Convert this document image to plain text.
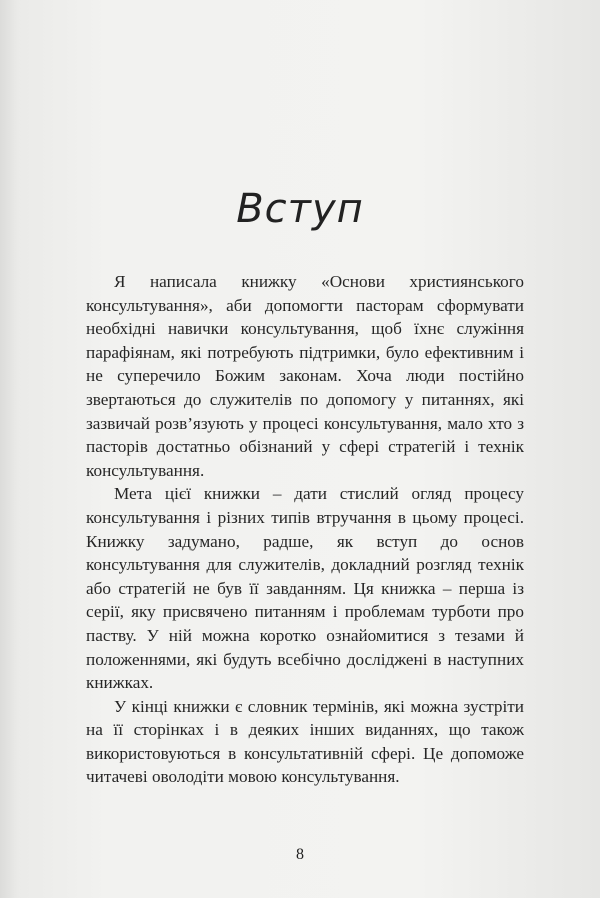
Вступ

Я написала книжку «Основи християнського консультування», аби допомогти пасторам сформувати необхідні навички консультування, щоб їхнє служіння парафіянам, які потребують підтримки, було ефективним і не суперечило Божим законам. Хоча люди постійно звертаються до служителів по допомогу у питаннях, які зазвичай розв’язують у процесі консультування, мало хто з пасторів достатньо обізнаний у сфері стратегій і технік консультування.

Мета цієї книжки – дати стислий огляд процесу консультування і різних типів втручання в цьому процесі. Книжку задумано, радше, як вступ до основ консультування для служителів, докладний розгляд технік або стратегій не був її завданням. Ця книжка – перша із серії, яку присвячено питанням і проблемам турботи про паству. У ній можна коротко ознайомитися з тезами й положеннями, які будуть всебічно досліджені в наступних книжках.

У кінці книжки є словник термінів, які можна зустріти на її сторінках і в деяких інших виданнях, що також використовуються в консультативній сфері. Це допоможе читачеві оволодіти мовою консультування.

8
